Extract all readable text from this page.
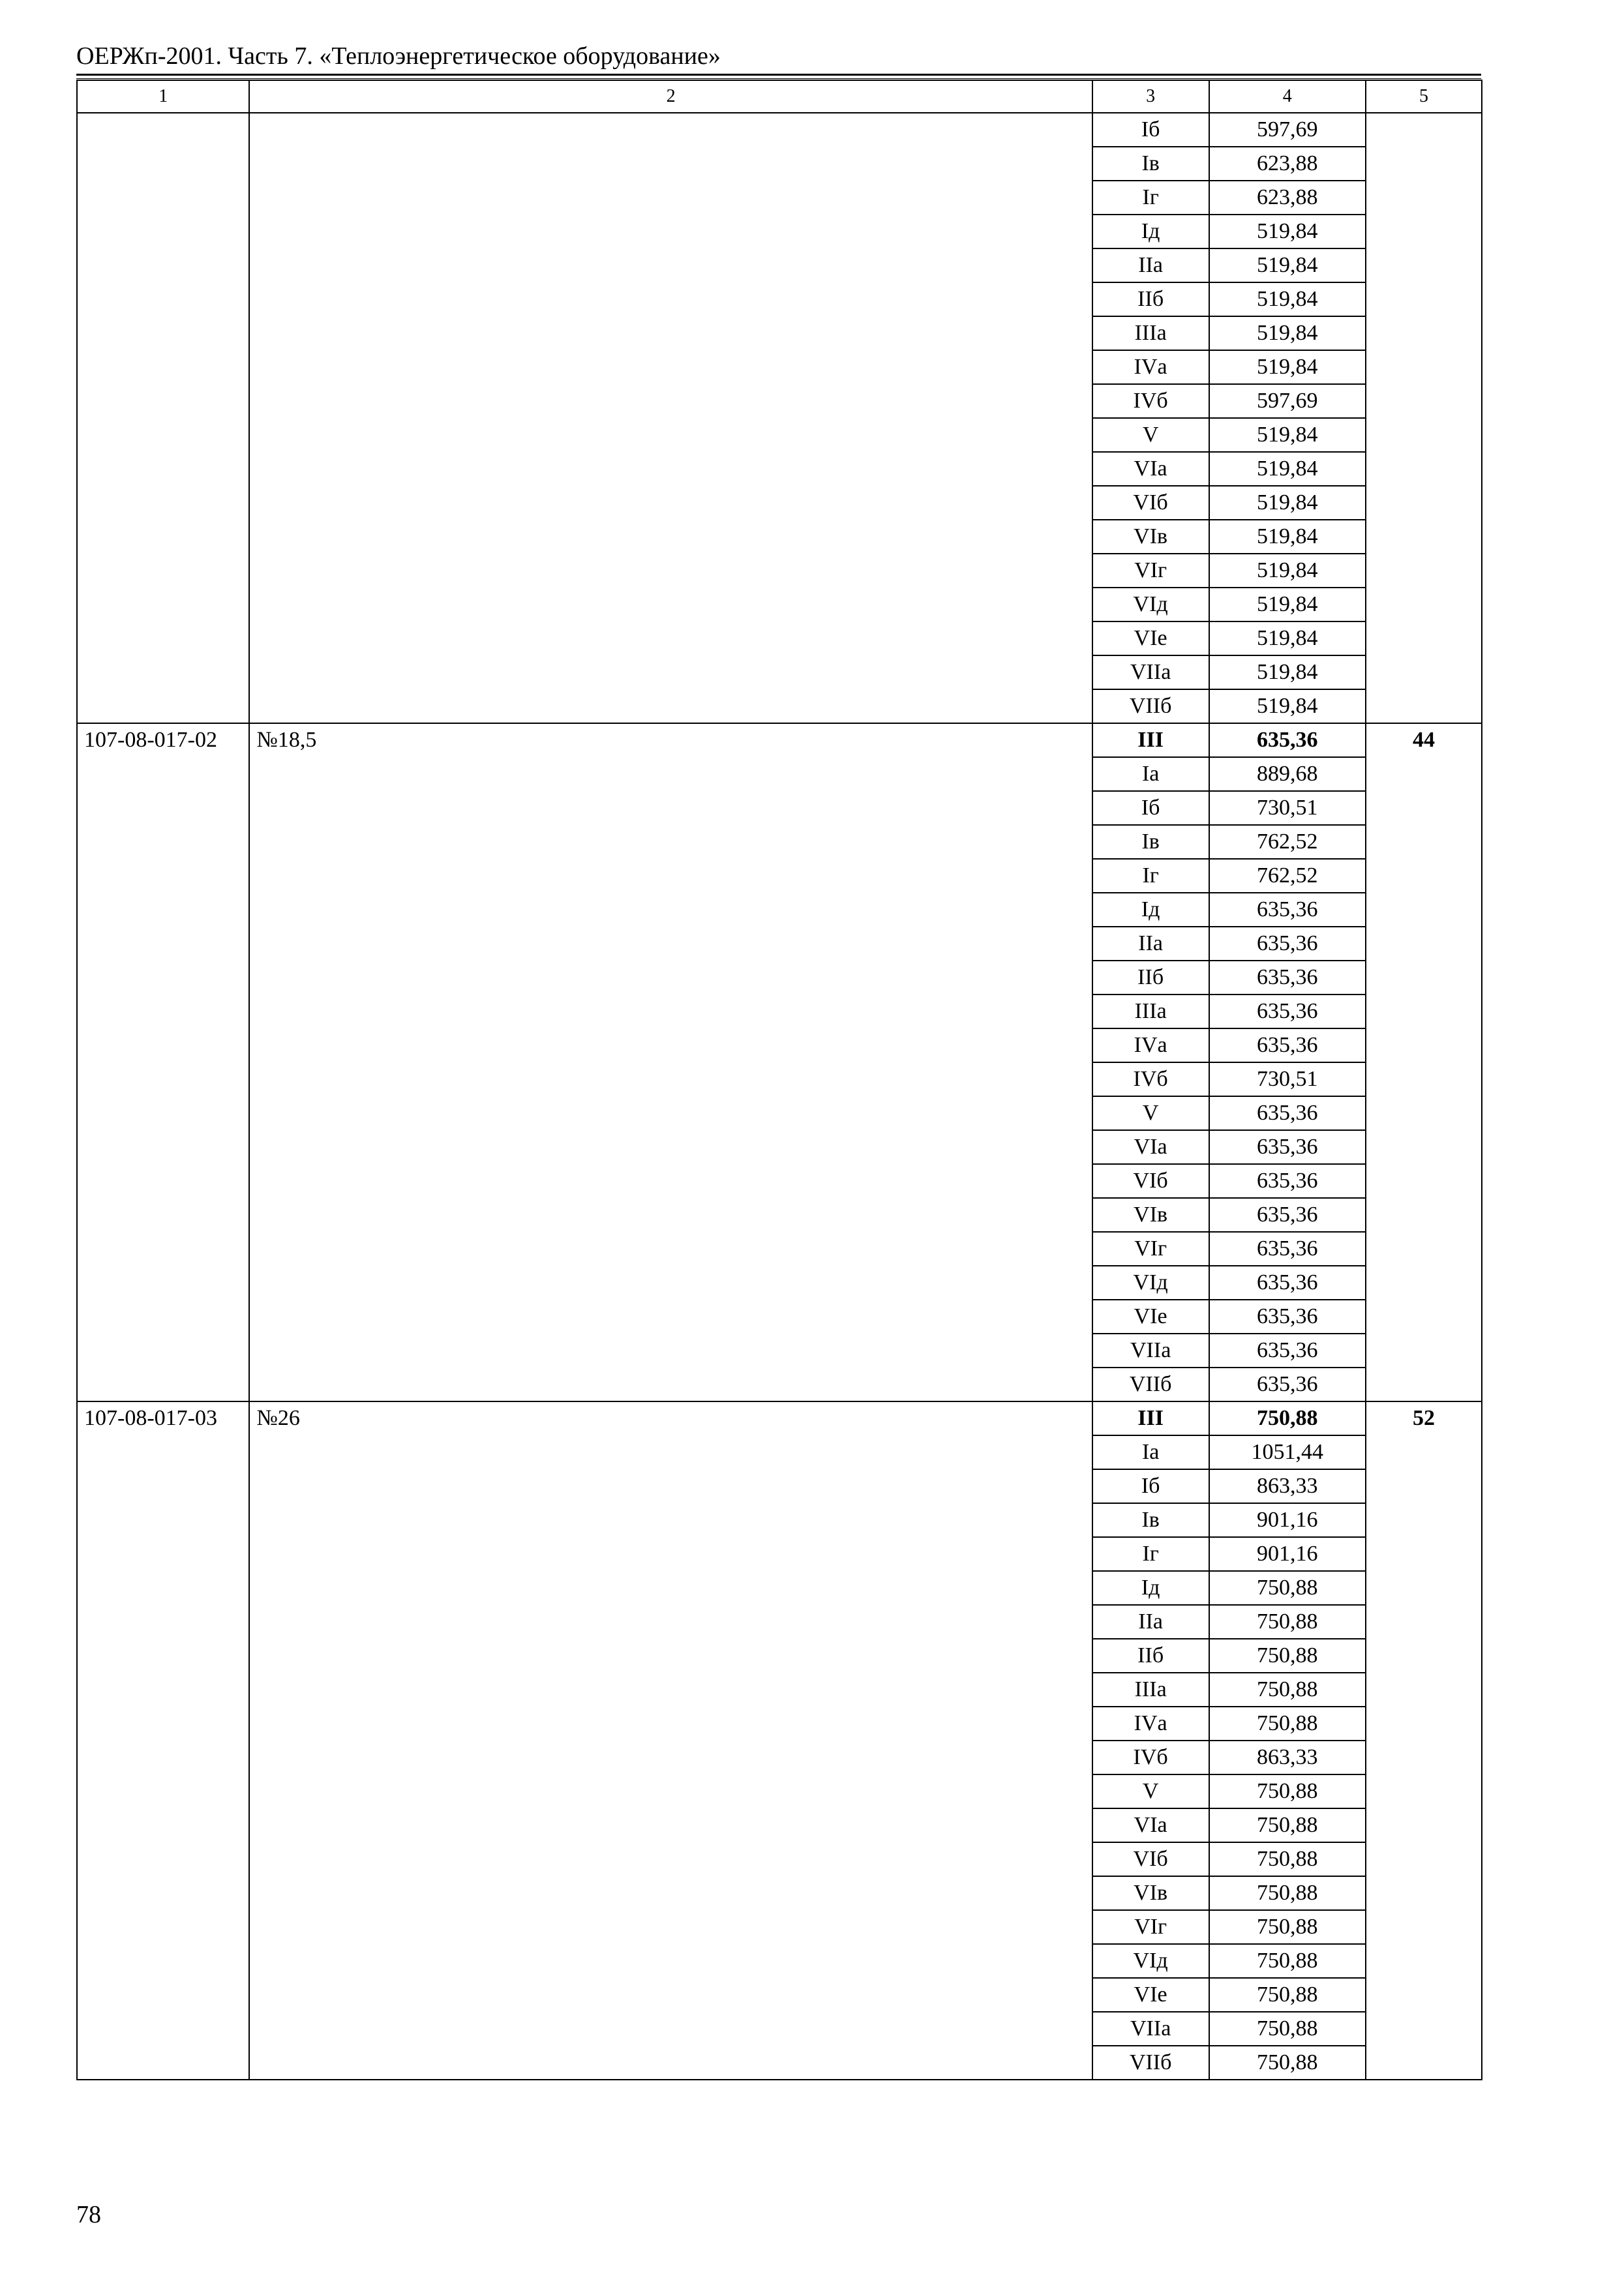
ОЕРЖп-2001. Часть 7. «Теплоэнергетическое оборудование»
1	2	3	4	5
		Iб	597,69	
		Iв	623,88	
		Iг	623,88	
		Iд	519,84	
		IIа	519,84	
		IIб	519,84	
		IIIа	519,84	
		IVа	519,84	
		IVб	597,69	
		V	519,84	
		VIа	519,84	
		VIб	519,84	
		VIв	519,84	
		VIг	519,84	
		VIд	519,84	
		VIе	519,84	
		VIIа	519,84	
		VIIб	519,84	
107-08-017-02	№18,5	III	635,36	44
		Iа	889,68	
		Iб	730,51	
		Iв	762,52	
		Iг	762,52	
		Iд	635,36	
		IIа	635,36	
		IIб	635,36	
		IIIа	635,36	
		IVа	635,36	
		IVб	730,51	
		V	635,36	
		VIа	635,36	
		VIб	635,36	
		VIв	635,36	
		VIг	635,36	
		VIд	635,36	
		VIе	635,36	
		VIIа	635,36	
		VIIб	635,36	
107-08-017-03	№26	III	750,88	52
		Iа	1051,44	
		Iб	863,33	
		Iв	901,16	
		Iг	901,16	
		Iд	750,88	
		IIа	750,88	
		IIб	750,88	
		IIIа	750,88	
		IVа	750,88	
		IVб	863,33	
		V	750,88	
		VIа	750,88	
		VIб	750,88	
		VIв	750,88	
		VIг	750,88	
		VIд	750,88	
		VIе	750,88	
		VIIа	750,88	
		VIIб	750,88	
78
